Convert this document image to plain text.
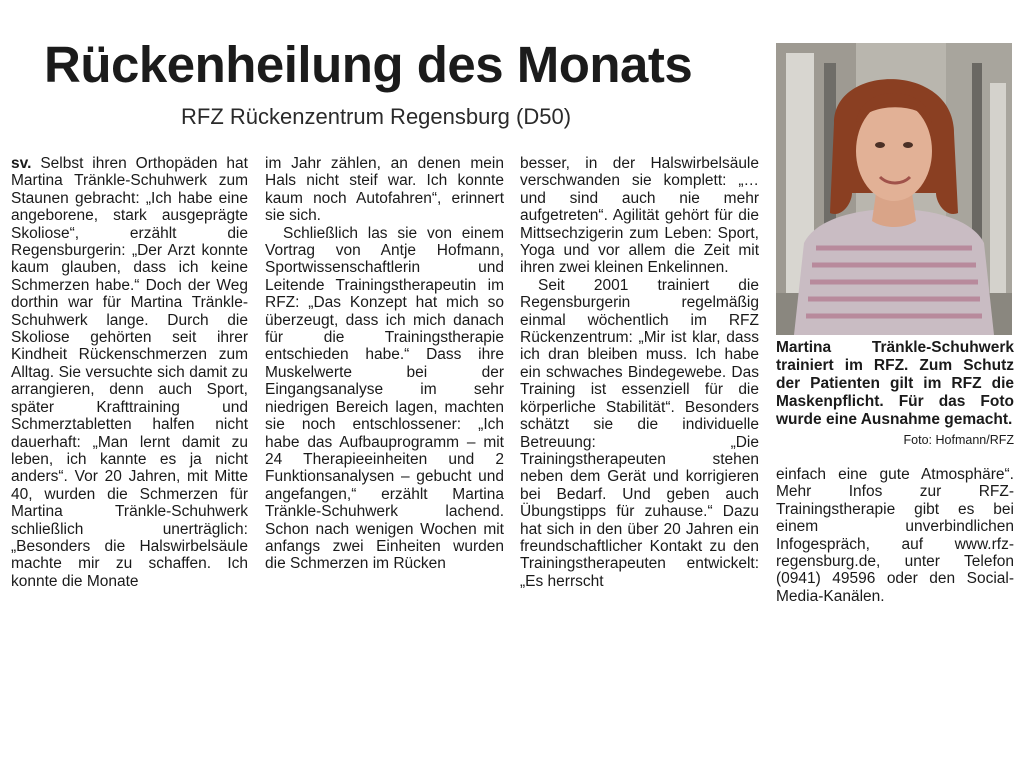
Rückenheilung des Monats
RFZ Rückenzentrum Regensburg (D50)

sv. Selbst ihren Orthopäden hat Martina Tränkle-Schuhwerk zum Staunen gebracht: „Ich habe eine angeborene, stark ausgeprägte Skoliose“, erzählt die Regensburgerin: „Der Arzt konnte kaum glauben, dass ich keine Schmerzen habe.“ Doch der Weg dorthin war für Martina Tränkle-Schuhwerk lange. Durch die Skoliose gehörten seit ihrer Kindheit Rückenschmerzen zum Alltag. Sie versuchte sich damit zu arrangieren, denn auch Sport, später Krafttraining und Schmerztabletten halfen nicht dauerhaft: „Man lernt damit zu leben, ich kannte es ja nicht anders“. Vor 20 Jahren, mit Mitte 40, wurden die Schmerzen für Martina Tränkle-Schuhwerk schließlich unerträglich: „Besonders die Halswirbelsäule machte mir zu schaffen. Ich konnte die Monate

im Jahr zählen, an denen mein Hals nicht steif war. Ich konnte kaum noch Autofahren“, erinnert sie sich.

Schließlich las sie von einem Vortrag von Antje Hofmann, Sportwissenschaftlerin und Leitende Trainingstherapeutin im RFZ: „Das Konzept hat mich so überzeugt, dass ich mich danach für die Trainingstherapie entschieden habe.“ Dass ihre Muskelwerte bei der Eingangsanalyse im sehr niedrigen Bereich lagen, machten sie noch entschlossener: „Ich habe das Aufbauprogramm – mit 24 Therapieeinheiten und 2 Funktionsanalysen – gebucht und angefangen,“ erzählt Martina Tränkle-Schuhwerk lachend. Schon nach wenigen Wochen mit anfangs zwei Einheiten wurden die Schmerzen im Rücken

besser, in der Halswirbelsäule verschwanden sie komplett: „… und sind auch nie mehr aufgetreten“. Agilität gehört für die Mittsechzigerin zum Leben: Sport, Yoga und vor allem die Zeit mit ihren zwei kleinen Enkelinnen.

Seit 2001 trainiert die Regensburgerin regelmäßig einmal wöchentlich im RFZ Rückenzentrum: „Mir ist klar, dass ich dran bleiben muss. Ich habe ein schwaches Bindegewebe. Das Training ist essenziell für die körperliche Stabilität“. Besonders schätzt sie die individuelle Betreuung: „Die Trainingstherapeuten stehen neben dem Gerät und korrigieren bei Bedarf. Und geben auch Übungstipps für zuhause.“ Dazu hat sich in den über 20 Jahren ein freundschaftlicher Kontakt zu den Trainingstherapeuten entwickelt: „Es herrscht

Martina Tränkle-Schuhwerk trainiert im RFZ. Zum Schutz der Patienten gilt im RFZ die Maskenpflicht. Für das Foto wurde eine Ausnahme gemacht.
Foto: Hofmann/RFZ

einfach eine gute Atmosphäre“. Mehr Infos zur RFZ-Trainingstherapie gibt es bei einem unverbindlichen Infogespräch, auf www.rfz-regensburg.de, unter Telefon (0941) 49596 oder den Social-Media-Kanälen.
